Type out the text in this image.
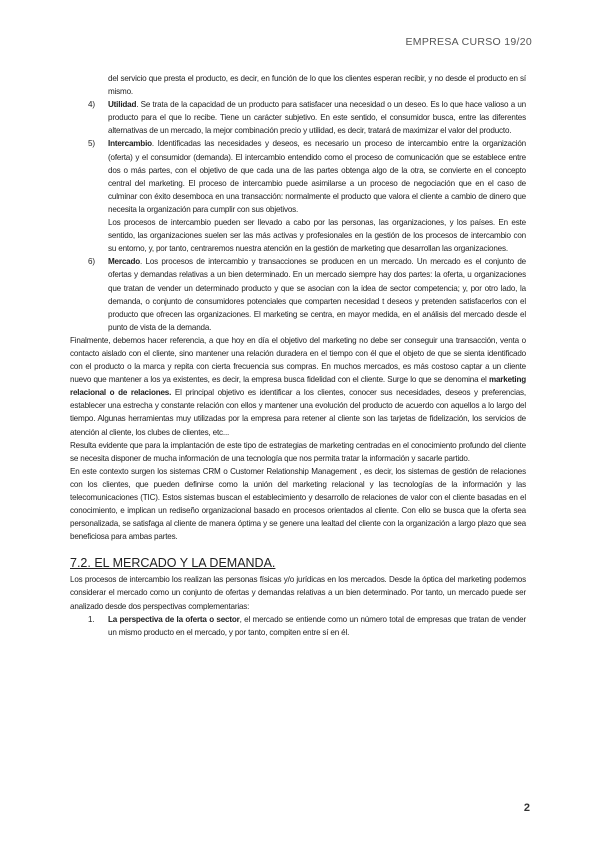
EMPRESA CURSO 19/20

del servicio que presta el producto, es decir, en función de lo que los clientes esperan recibir, y no desde el producto en sí mismo.

4) Utilidad. Se trata de la capacidad de un producto para satisfacer una necesidad o un deseo. Es lo que hace valioso a un producto para el que lo recibe. Tiene un carácter subjetivo. En este sentido, el consumidor busca, entre las diferentes alternativas de un mercado, la mejor combinación precio y utilidad, es decir, tratará de maximizar el valor del producto.

5) Intercambio. Identificadas las necesidades y deseos, es necesario un proceso de intercambio entre la organización (oferta) y el consumidor (demanda). El intercambio entendido como el proceso de comunicación que se establece entre dos o más partes, con el objetivo de que cada una de las partes obtenga algo de la otra, se convierte en el concepto central del marketing. El proceso de intercambio puede asimilarse a un proceso de negociación que en el caso de culminar con éxito desemboca en una transacción: normalmente el producto que valora el cliente a cambio de dinero que necesita la organización para cumplir con sus objetivos.

Los procesos de intercambio pueden ser llevado a cabo por las personas, las organizaciones, y los países. En este sentido, las organizaciones suelen ser las más activas y profesionales en la gestión de los procesos de intercambio con su entorno, y, por tanto, centraremos nuestra atención en la gestión de marketing que desarrollan las organizaciones.

6) Mercado. Los procesos de intercambio y transacciones se producen en un mercado. Un mercado es el conjunto de ofertas y demandas relativas a un bien determinado. En un mercado siempre hay dos partes: la oferta, u organizaciones que tratan de vender un determinado producto y que se asocian con la idea de sector competencia; y, por otro lado, la demanda, o conjunto de consumidores potenciales que comparten necesidad t deseos y pretenden satisfacerlos con el producto que ofrecen las organizaciones. El marketing se centra, en mayor medida, en el análisis del mercado desde el punto de vista de la demanda.

Finalmente, debemos hacer referencia, a que hoy en día el objetivo del marketing no debe ser conseguir una transacción, venta o contacto aislado con el cliente, sino mantener una relación duradera en el tiempo con él que el objeto de que se sienta identificado con el producto o la marca y repita con cierta frecuencia sus compras. En muchos mercados, es más costoso captar a un cliente nuevo que mantener a los ya existentes, es decir, la empresa busca fidelidad con el cliente. Surge lo que se denomina el marketing relacional o de relaciones. El principal objetivo es identificar a los clientes, conocer sus necesidades, deseos y preferencias, establecer una estrecha y constante relación con ellos y mantener una evolución del producto de acuerdo con aquellos a lo largo del tiempo. Algunas herramientas muy utilizadas por la empresa para retener al cliente son las tarjetas de fidelización, los servicios de atención al cliente, los clubes de clientes, etc...

Resulta evidente que para la implantación de este tipo de estrategias de marketing centradas en el conocimiento profundo del cliente se necesita disponer de mucha información de una tecnología que nos permita tratar la información y sacarle partido.

En este contexto surgen los sistemas CRM o Customer Relationship Management , es decir, los sistemas de gestión de relaciones con los clientes, que pueden definirse como la unión del marketing relacional y las tecnologías de la información y las telecomunicaciones (TIC). Estos sistemas buscan el establecimiento y desarrollo de relaciones de valor con el cliente basadas en el conocimiento, e implican un rediseño organizacional basado en procesos orientados al cliente. Con ello se busca que la oferta sea personalizada, se satisfaga al cliente de manera óptima y se genere una lealtad del cliente con la organización a largo plazo que sea beneficiosa para ambas partes.

7.2. EL MERCADO Y LA DEMANDA.

Los procesos de intercambio los realizan las personas físicas y/o jurídicas en los mercados. Desde la óptica del marketing podemos considerar el mercado como un conjunto de ofertas y demandas relativas a un bien determinado. Por tanto, un mercado puede ser analizado desde dos perspectivas complementarias:

1. La perspectiva de la oferta o sector, el mercado se entiende como un número total de empresas que tratan de vender un mismo producto en el mercado, y por tanto, compiten entre sí en él.

2
